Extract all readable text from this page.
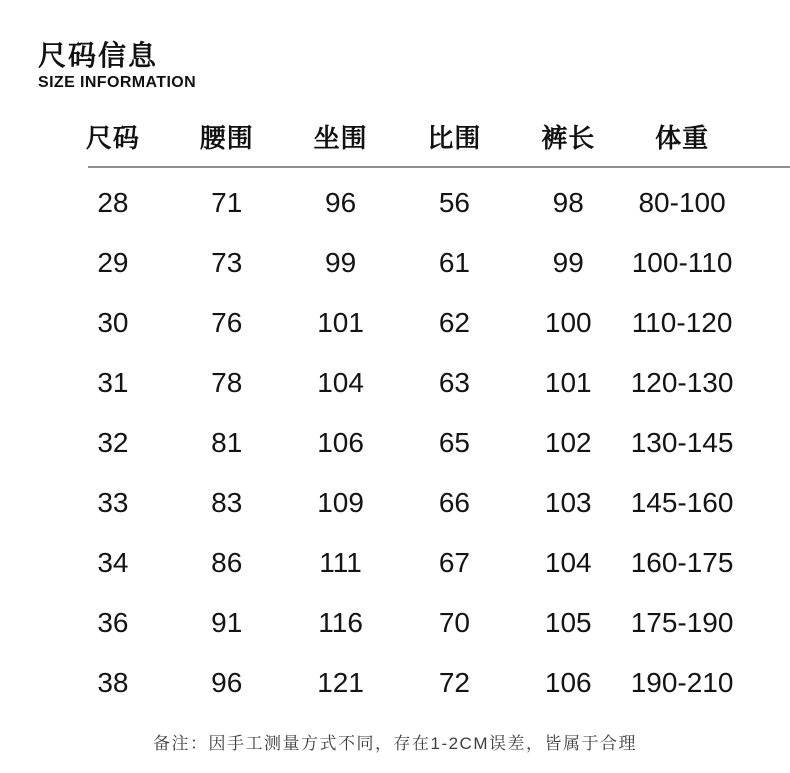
尺码信息
SIZE INFORMATION
尺码	腰围	坐围	比围	裤长	体重
28	71	96	56	98	80-100
29	73	99	61	99	100-110
30	76	101	62	100	110-120
31	78	104	63	101	120-130
32	81	106	65	102	130-145
33	83	109	66	103	145-160
34	86	111	67	104	160-175
36	91	116	70	105	175-190
38	96	121	72	106	190-210
备注：因手工测量方式不同，存在1-2CM误差，皆属于合理
